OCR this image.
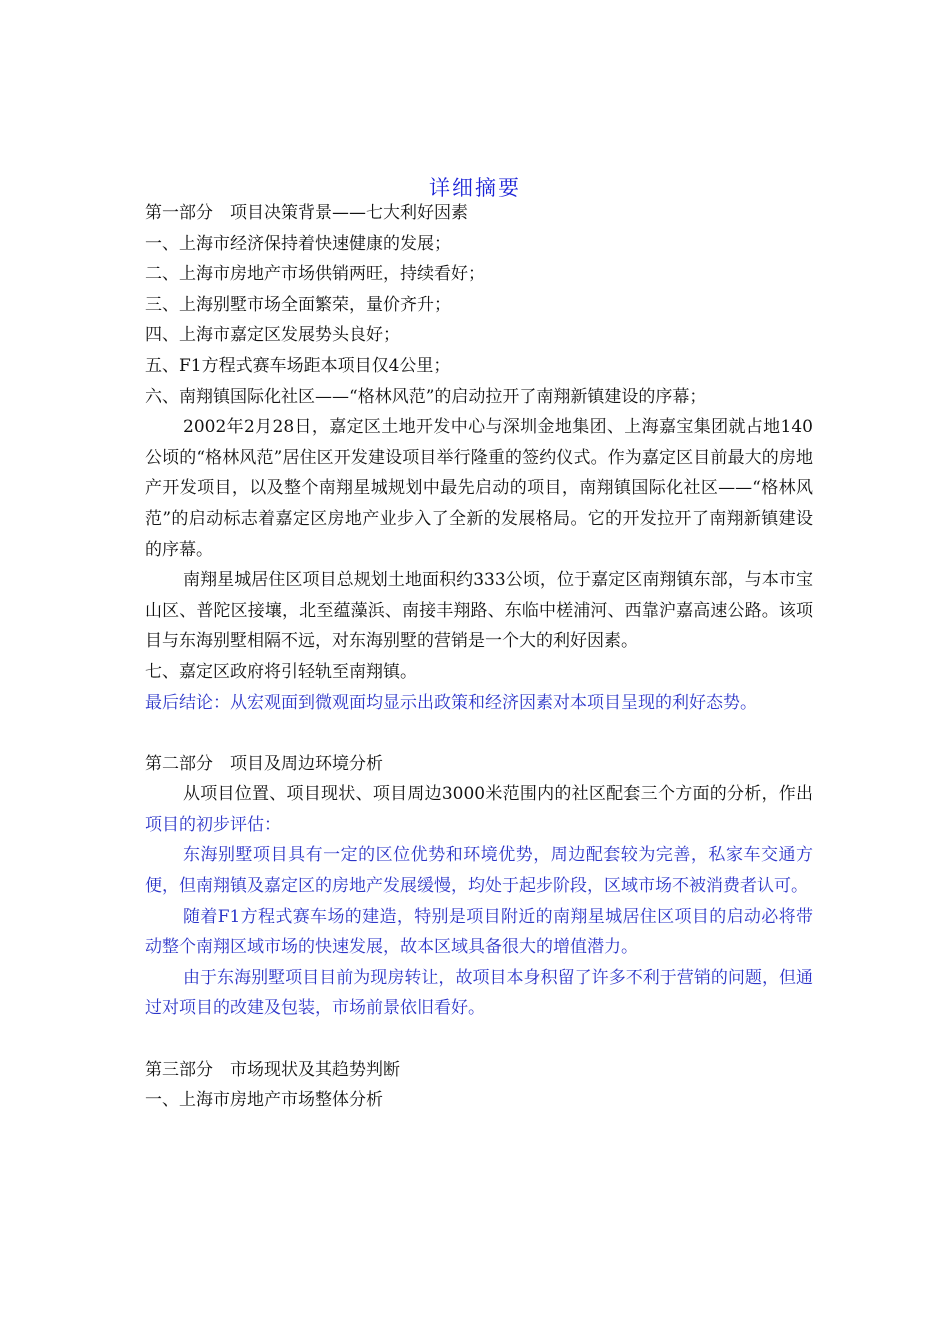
详细摘要

第一部分　项目决策背景——七大利好因素

一、上海市经济保持着快速健康的发展；

二、上海市房地产市场供销两旺，持续看好；

三、上海别墅市场全面繁荣，量价齐升；

四、上海市嘉定区发展势头良好；

五、F1方程式赛车场距本项目仅4公里；

六、南翔镇国际化社区——“格林风范”的启动拉开了南翔新镇建设的序幕；

2002年2月28日，嘉定区土地开发中心与深圳金地集团、上海嘉宝集团就占地140公顷的“格林风范”居住区开发建设项目举行隆重的签约仪式。作为嘉定区目前最大的房地产开发项目，以及整个南翔星城规划中最先启动的项目，南翔镇国际化社区——“格林风范”的启动标志着嘉定区房地产业步入了全新的发展格局。它的开发拉开了南翔新镇建设的序幕。

南翔星城居住区项目总规划土地面积约333公顷，位于嘉定区南翔镇东部，与本市宝山区、普陀区接壤，北至蕴藻浜、南接丰翔路、东临中槎浦河、西靠沪嘉高速公路。该项目与东海别墅相隔不远，对东海别墅的营销是一个大的利好因素。

七、嘉定区政府将引轻轨至南翔镇。

最后结论：从宏观面到微观面均显示出政策和经济因素对本项目呈现的利好态势。

第二部分　项目及周边环境分析

从项目位置、项目现状、项目周边3000米范围内的社区配套三个方面的分析，作出项目的初步评估：

东海别墅项目具有一定的区位优势和环境优势，周边配套较为完善，私家车交通方便，但南翔镇及嘉定区的房地产发展缓慢，均处于起步阶段，区域市场不被消费者认可。

随着F1方程式赛车场的建造，特别是项目附近的南翔星城居住区项目的启动必将带动整个南翔区域市场的快速发展，故本区域具备很大的增值潜力。

由于东海别墅项目目前为现房转让，故项目本身积留了许多不利于营销的问题，但通过对项目的改建及包装，市场前景依旧看好。

第三部分　市场现状及其趋势判断

一、上海市房地产市场整体分析
